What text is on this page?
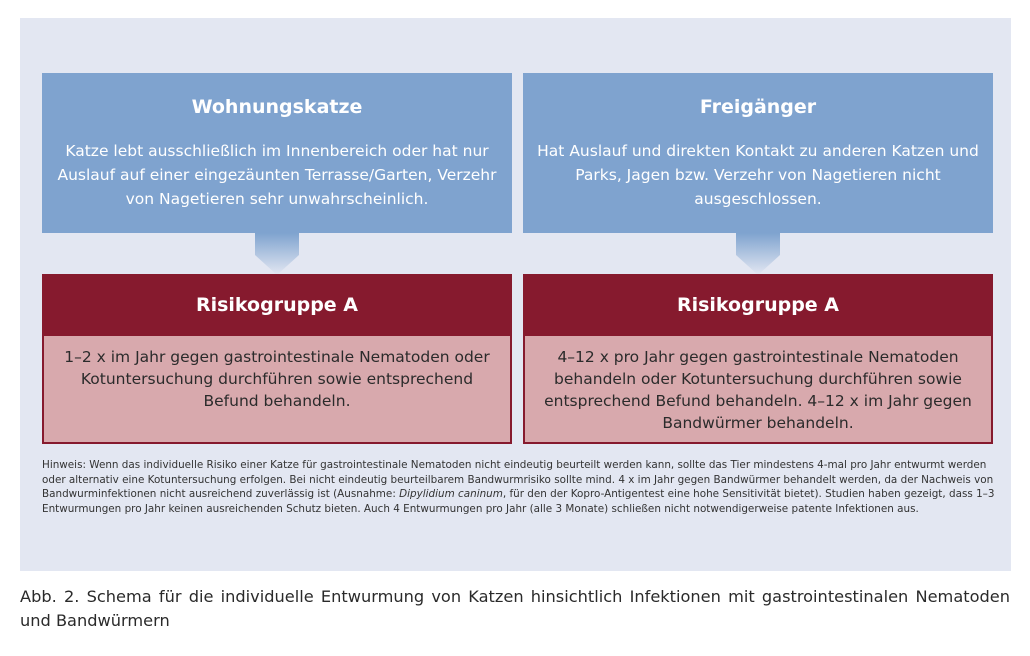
Wohnungskatze
Katze lebt ausschließlich im Innenbereich oder hat nur Auslauf auf einer eingezäunten Terrasse/Garten, Verzehr von Nagetieren sehr unwahrscheinlich.
Risikogruppe A
1–2 x im Jahr gegen gastrointestinale Nematoden oder Kotuntersuchung durchführen sowie entsprechend Befund behandeln.
Freigänger
Hat Auslauf und direkten Kontakt zu anderen Katzen und Parks, Jagen bzw. Verzehr von Nagetieren nicht ausgeschlossen.
Risikogruppe A
4–12 x pro Jahr gegen gastrointestinale Nematoden behandeln oder Kotuntersuchung durchführen sowie entsprechend Befund behandeln. 4–12 x im Jahr gegen Bandwürmer behandeln.
Hinweis: Wenn das individuelle Risiko einer Katze für gastrointestinale Nematoden nicht eindeutig beurteilt werden kann, sollte das Tier mindestens 4-mal pro Jahr entwurmt werden oder alternativ eine Kotuntersuchung erfolgen. Bei nicht eindeutig beurteilbarem Bandwurmrisiko sollte mind. 4 x im Jahr gegen Bandwürmer behandelt werden, da der Nachweis von Bandwurminfektionen nicht ausreichend zuverlässig ist (Ausnahme: Dipylidium caninum, für den der Kopro-Antigentest eine hohe Sensitivität bietet). Studien haben gezeigt, dass 1–3 Entwurmungen pro Jahr keinen ausreichenden Schutz bieten. Auch 4 Entwurmungen pro Jahr (alle 3 Monate) schließen nicht notwendigerweise patente Infektionen aus.
Abb. 2. Schema für die individuelle Entwurmung von Katzen hinsichtlich Infektionen mit gastrointestinalen Nematoden und Bandwürmern
